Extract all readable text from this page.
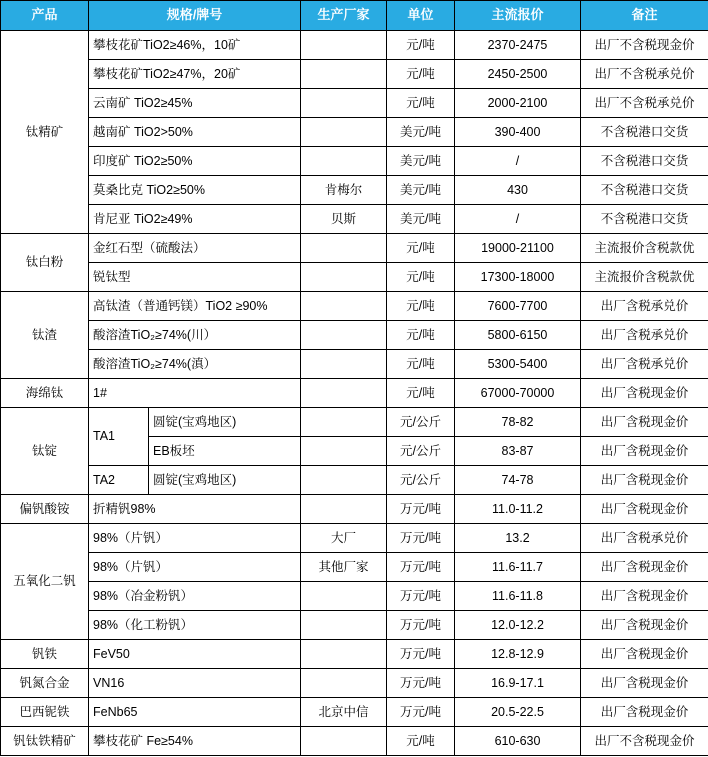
产品	规格/牌号		生产厂家	单位	主流报价	备注
钛精矿	攀枝花矿TiO2≥46%，10矿			元/吨	2370-2475	出厂不含税现金价
	攀枝花矿TiO2≥47%，20矿			元/吨	2450-2500	出厂不含税承兑价
	云南矿 TiO2≥45%			元/吨	2000-2100	出厂不含税承兑价
	越南矿 TiO2>50%			美元/吨	390-400	不含税港口交货
	印度矿 TiO2≥50%			美元/吨	/	不含税港口交货
	莫桑比克 TiO2≥50%		肯梅尔	美元/吨	430	不含税港口交货
	肯尼亚 TiO2≥49%		贝斯	美元/吨	/	不含税港口交货
钛白粉	金红石型（硫酸法）			元/吨	19000-21100	主流报价含税款优
	锐钛型			元/吨	17300-18000	主流报价含税款优
钛渣	高钛渣（普通钙镁）TiO2 ≥90%			元/吨	7600-7700	出厂含税承兑价
	酸溶渣TiO₂≥74%(川）			元/吨	5800-6150	出厂含税承兑价
	酸溶渣TiO₂≥74%(滇）			元/吨	5300-5400	出厂含税承兑价
海绵钛	1#			元/吨	67000-70000	出厂含税现金价
钛锭	TA1	圆锭(宝鸡地区)		元/公斤	78-82	出厂含税现金价
		EB板坯		元/公斤	83-87	出厂含税现金价
	TA2	圆锭(宝鸡地区)		元/公斤	74-78	出厂含税现金价
偏钒酸铵	折精钒98%			万元/吨	11.0-11.2	出厂含税现金价
五氧化二钒	98%（片钒）		大厂	万元/吨	13.2	出厂含税承兑价
	98%（片钒）		其他厂家	万元/吨	11.6-11.7	出厂含税现金价
	98%（冶金粉钒）			万元/吨	11.6-11.8	出厂含税现金价
	98%（化工粉钒）			万元/吨	12.0-12.2	出厂含税现金价
钒铁	FeV50			万元/吨	12.8-12.9	出厂含税现金价
钒氮合金	VN16			万元/吨	16.9-17.1	出厂含税现金价
巴西铌铁	FeNb65		北京中信	万元/吨	20.5-22.5	出厂含税现金价
钒钛铁精矿	攀枝花矿 Fe≥54%			元/吨	610-630	出厂不含税现金价
